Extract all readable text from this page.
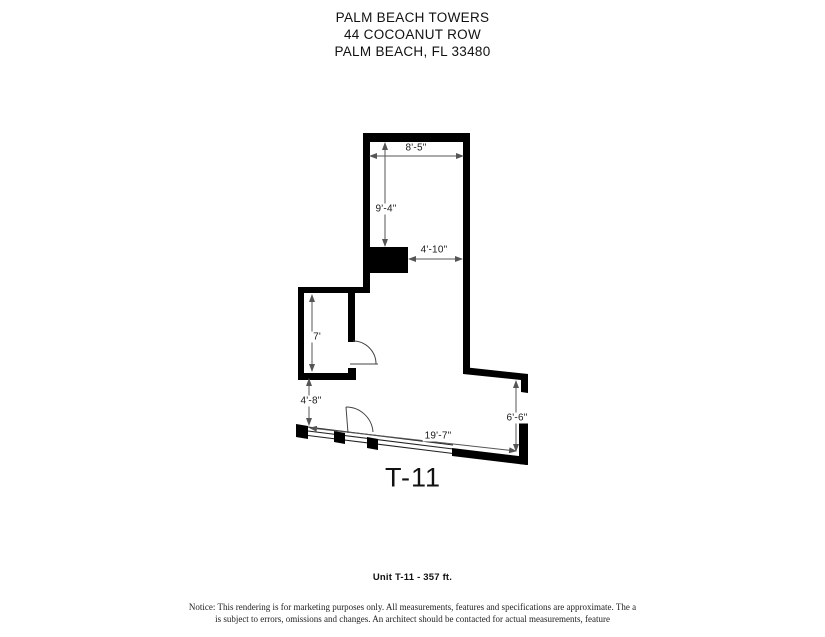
PALM BEACH TOWERS
44 COCOANUT ROW
PALM BEACH, FL 33480
8'-5"
9'-4"
4'-10"
7'
4'-8"
19'-7"
6'-6"
T-11
Unit T-11 - 357 ft.
Notice: This rendering is for marketing purposes only. All measurements, features and specifications are approximate. The a
is subject to errors, omissions and changes. An architect should be contacted for actual measurements, feature
